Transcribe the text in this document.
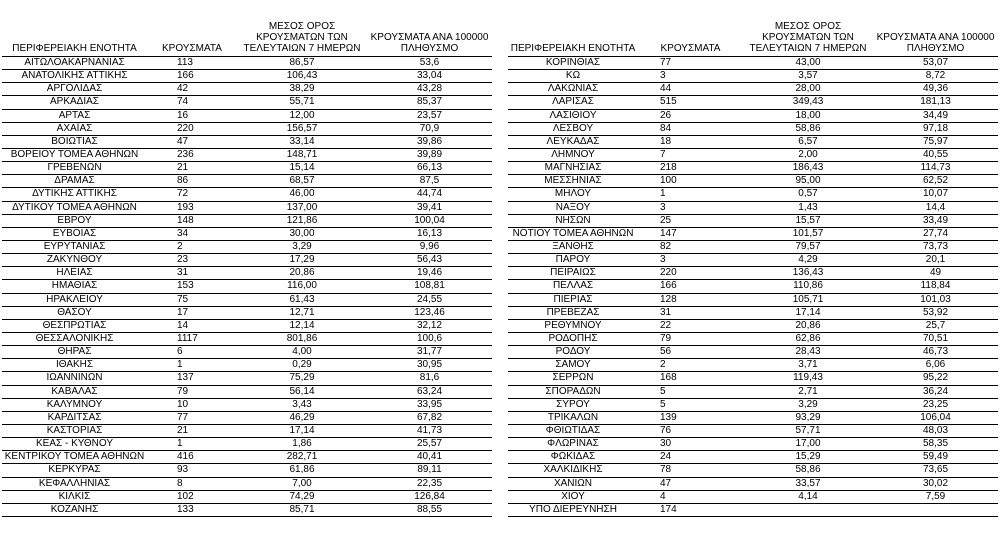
ΠΕΡΙΦΕΡΕΙΑΚΗ ΕΝΟΤΗΤΑ	ΚΡΟΥΣΜΑΤΑ	ΜΕΣΟΣ ΟΡΟΣ
ΚΡΟΥΣΜΑΤΩΝ ΤΩΝ
ΤΕΛΕΥΤΑΙΩΝ 7 ΗΜΕΡΩΝ	ΚΡΟΥΣΜΑΤΑ ΑΝΑ 100000
ΠΛΗΘΥΣΜΟ
ΑΙΤΩΛΟΑΚΑΡΝΑΝΙΑΣ	113	86,57	53,6
ΑΝΑΤΟΛΙΚΗΣ ΑΤΤΙΚΗΣ	166	106,43	33,04
ΑΡΓΟΛΙΔΑΣ	42	38,29	43,28
ΑΡΚΑΔΙΑΣ	74	55,71	85,37
ΑΡΤΑΣ	16	12,00	23,57
ΑΧΑΪΑΣ	220	156,57	70,9
ΒΟΙΩΤΙΑΣ	47	33,14	39,86
ΒΟΡΕΙΟΥ ΤΟΜΕΑ ΑΘΗΝΩΝ	236	148,71	39,89
ΓΡΕΒΕΝΩΝ	21	15,14	66,13
ΔΡΑΜΑΣ	86	68,57	87,5
ΔΥΤΙΚΗΣ ΑΤΤΙΚΗΣ	72	46,00	44,74
ΔΥΤΙΚΟΥ ΤΟΜΕΑ ΑΘΗΝΩΝ	193	137,00	39,41
ΕΒΡΟΥ	148	121,86	100,04
ΕΥΒΟΙΑΣ	34	30,00	16,13
ΕΥΡΥΤΑΝΙΑΣ	2	3,29	9,96
ΖΑΚΥΝΘΟΥ	23	17,29	56,43
ΗΛΕΙΑΣ	31	20,86	19,46
ΗΜΑΘΙΑΣ	153	116,00	108,81
ΗΡΑΚΛΕΙΟΥ	75	61,43	24,55
ΘΑΣΟΥ	17	12,71	123,46
ΘΕΣΠΡΩΤΙΑΣ	14	12,14	32,12
ΘΕΣΣΑΛΟΝΙΚΗΣ	1117	801,86	100,6
ΘΗΡΑΣ	6	4,00	31,77
ΙΘΑΚΗΣ	1	0,29	30,95
ΙΩΑΝΝΙΝΩΝ	137	75,29	81,6
ΚΑΒΑΛΑΣ	79	56,14	63,24
ΚΑΛΥΜΝΟΥ	10	3,43	33,95
ΚΑΡΔΙΤΣΑΣ	77	46,29	67,82
ΚΑΣΤΟΡΙΑΣ	21	17,14	41,73
ΚΕΑΣ - ΚΥΘΝΟΥ	1	1,86	25,57
ΚΕΝΤΡΙΚΟΥ ΤΟΜΕΑ ΑΘΗΝΩΝ	416	282,71	40,41
ΚΕΡΚΥΡΑΣ	93	61,86	89,11
ΚΕΦΑΛΛΗΝΙΑΣ	8	7,00	22,35
ΚΙΛΚΙΣ	102	74,29	126,84
ΚΟΖΑΝΗΣ	133	85,71	88,55
ΠΕΡΙΦΕΡΕΙΑΚΗ ΕΝΟΤΗΤΑ	ΚΡΟΥΣΜΑΤΑ	ΜΕΣΟΣ ΟΡΟΣ
ΚΡΟΥΣΜΑΤΩΝ ΤΩΝ
ΤΕΛΕΥΤΑΙΩΝ 7 ΗΜΕΡΩΝ	ΚΡΟΥΣΜΑΤΑ ΑΝΑ 100000
ΠΛΗΘΥΣΜΟ
ΚΟΡΙΝΘΙΑΣ	77	43,00	53,07
ΚΩ	3	3,57	8,72
ΛΑΚΩΝΙΑΣ	44	28,00	49,36
ΛΑΡΙΣΑΣ	515	349,43	181,13
ΛΑΣΙΘΙΟΥ	26	18,00	34,49
ΛΕΣΒΟΥ	84	58,86	97,18
ΛΕΥΚΑΔΑΣ	18	6,57	75,97
ΛΗΜΝΟΥ	7	2,00	40,55
ΜΑΓΝΗΣΙΑΣ	218	186,43	114,73
ΜΕΣΣΗΝΙΑΣ	100	95,00	62,52
ΜΗΛΟΥ	1	0,57	10,07
ΝΑΞΟΥ	3	1,43	14,4
ΝΗΣΩΝ	25	15,57	33,49
ΝΟΤΙΟΥ ΤΟΜΕΑ ΑΘΗΝΩΝ	147	101,57	27,74
ΞΑΝΘΗΣ	82	79,57	73,73
ΠΑΡΟΥ	3	4,29	20,1
ΠΕΙΡΑΙΩΣ	220	136,43	49
ΠΕΛΛΑΣ	166	110,86	118,84
ΠΙΕΡΙΑΣ	128	105,71	101,03
ΠΡΕΒΕΖΑΣ	31	17,14	53,92
ΡΕΘΥΜΝΟΥ	22	20,86	25,7
ΡΟΔΟΠΗΣ	79	62,86	70,51
ΡΟΔΟΥ	56	28,43	46,73
ΣΑΜΟΥ	2	3,71	6,06
ΣΕΡΡΩΝ	168	119,43	95,22
ΣΠΟΡΑΔΩΝ	5	2,71	36,24
ΣΥΡΟΥ	5	3,29	23,25
ΤΡΙΚΑΛΩΝ	139	93,29	106,04
ΦΘΙΩΤΙΔΑΣ	76	57,71	48,03
ΦΛΩΡΙΝΑΣ	30	17,00	58,35
ΦΩΚΙΔΑΣ	24	15,29	59,49
ΧΑΛΚΙΔΙΚΗΣ	78	58,86	73,65
ΧΑΝΙΩΝ	47	33,57	30,02
ΧΙΟΥ	4	4,14	7,59
ΥΠΟ ΔΙΕΡΕΥΝΗΣΗ	174		
